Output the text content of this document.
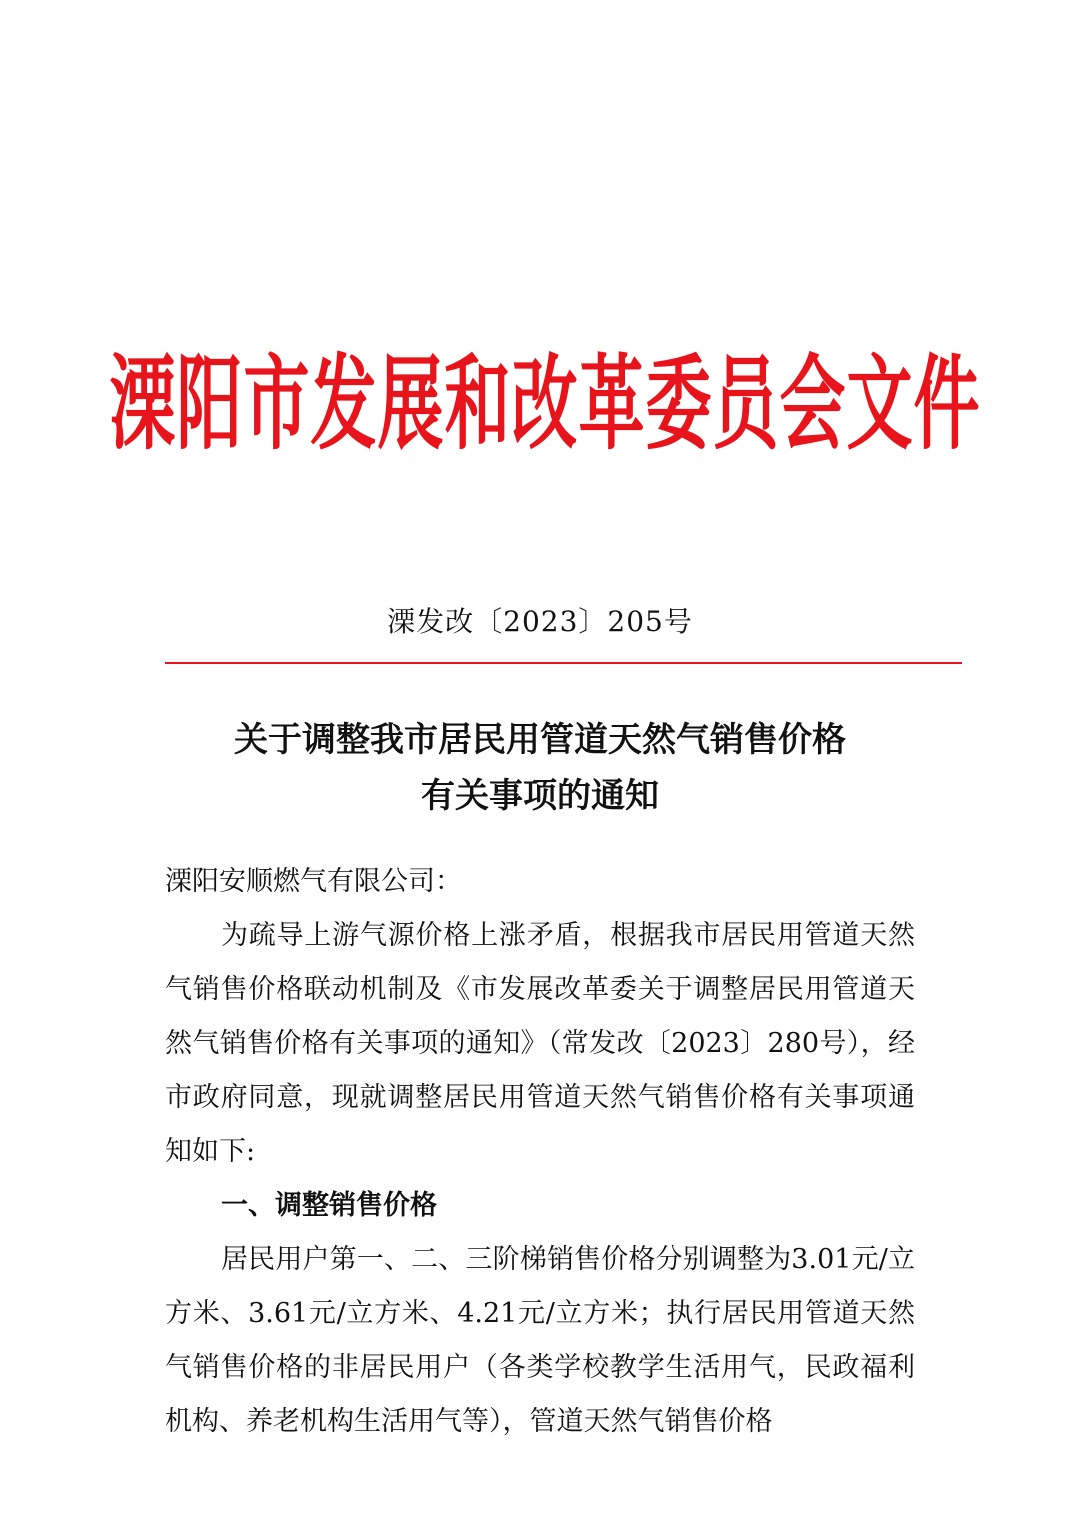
溧阳市发展和改革委员会文件
溧发改〔2023〕205号
关于调整我市居民用管道天然气销售价格
有关事项的通知

溧阳安顺燃气有限公司：

为疏导上游气源价格上涨矛盾，根据我市居民用管道天然气销售价格联动机制及《市发展改革委关于调整居民用管道天然气销售价格有关事项的通知》（常发改〔2023〕280号），经市政府同意，现就调整居民用管道天然气销售价格有关事项通知如下:

一、调整销售价格

居民用户第一、二、三阶梯销售价格分别调整为3.01元/立方米、3.61元/立方米、4.21元/立方米；执行居民用管道天然气销售价格的非居民用户（各类学校教学生活用气，民政福利机构、养老机构生活用气等），管道天然气销售价格
